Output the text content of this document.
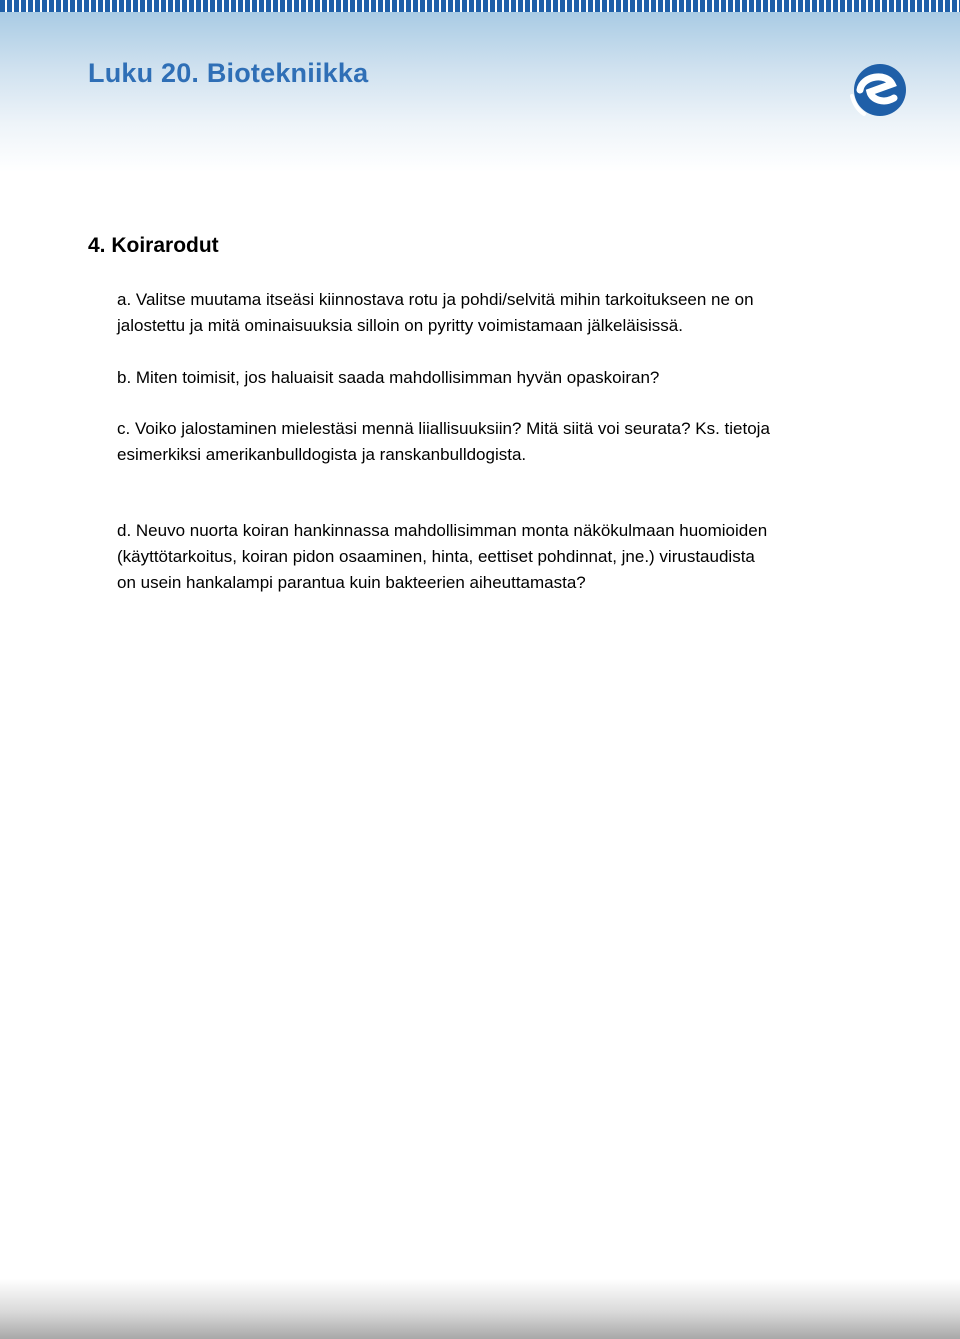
Luku 20. Biotekniikka
4. Koirarodut
a. Valitse muutama itseäsi kiinnostava rotu ja pohdi/selvitä mihin tarkoitukseen ne on
jalostettu ja mitä ominaisuuksia silloin on pyritty voimistamaan jälkeläisissä.
b. Miten toimisit, jos haluaisit saada mahdollisimman hyvän opaskoiran?
c. Voiko jalostaminen mielestäsi mennä liiallisuuksiin? Mitä siitä voi seurata? Ks. tietoja
esimerkiksi amerikanbulldogista ja ranskanbulldogista.
d. Neuvo nuorta koiran hankinnassa mahdollisimman monta näkökulmaan huomioiden
(käyttötarkoitus, koiran pidon osaaminen, hinta, eettiset pohdinnat, jne.) virustaudista
on usein hankalampi parantua kuin bakteerien aiheuttamasta?
